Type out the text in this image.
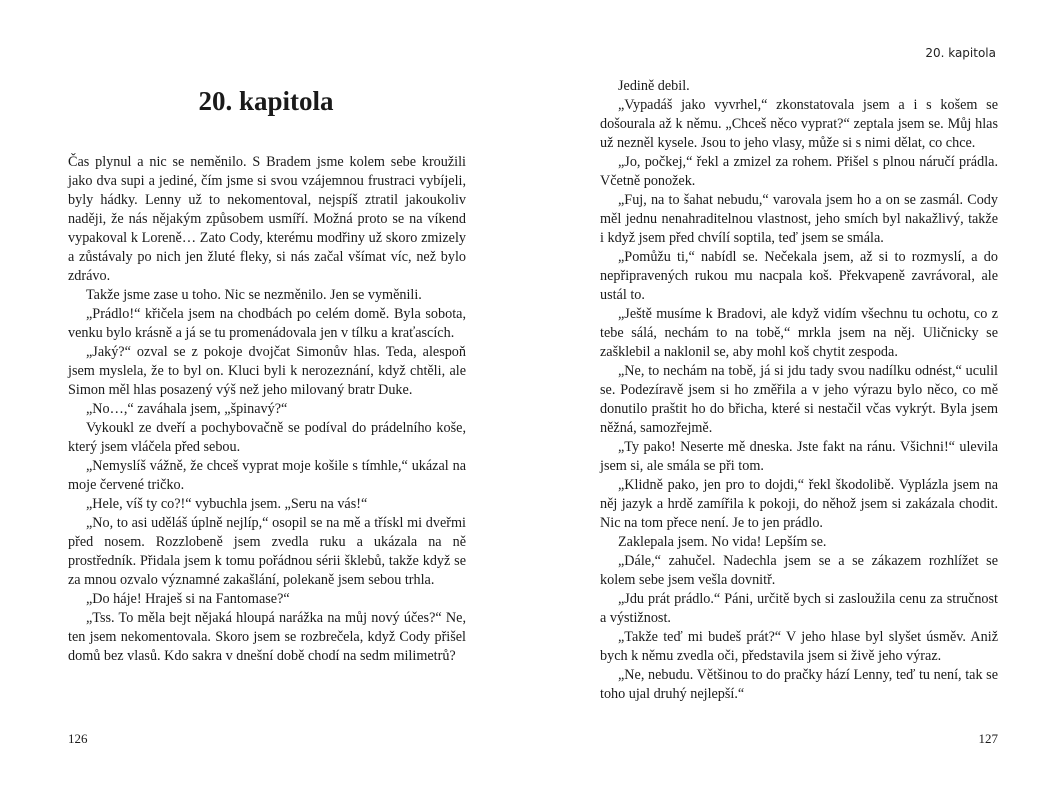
20. kapitola

Čas plynul a nic se neměnilo. S Bradem jsme kolem sebe kroužili jako dva supi a jediné, čím jsme si svou vzájemnou frustraci vybíjeli, byly hádky. Lenny už to nekomentoval, nejspíš ztratil jakoukoliv naději, že nás nějakým způsobem usmíří. Možná proto se na víkend vypakoval k Loreně… Zato Cody, kterému modřiny už skoro zmizely a zůstávaly po nich jen žluté fleky, si nás začal všímat víc, než bylo zdrávo.

Takže jsme zase u toho. Nic se nezměnilo. Jen se vyměnili.

„Prádlo!“ křičela jsem na chodbách po celém domě. Byla sobota, venku bylo krásně a já se tu promenádovala jen v tílku a kraťascích.

„Jaký?“ ozval se z pokoje dvojčat Simonův hlas. Teda, alespoň jsem myslela, že to byl on. Kluci byli k nerozeznání, když chtěli, ale Simon měl hlas posazený výš než jeho milovaný bratr Duke.

„No…,“ zaváhala jsem, „špinavý?“

Vykoukl ze dveří a pochybovačně se podíval do prádelního koše, který jsem vláčela před sebou.

„Nemyslíš vážně, že chceš vyprat moje košile s tímhle,“ ukázal na moje červené tričko.

„Hele, víš ty co?!“ vybuchla jsem. „Seru na vás!“

„No, to asi uděláš úplně nejlíp,“ osopil se na mě a třískl mi dveřmi před nosem. Rozzlobeně jsem zvedla ruku a ukázala na ně prostředník. Přidala jsem k tomu pořádnou sérii šklebů, takže když se za mnou ozvalo významné zakašlání, polekaně jsem sebou trhla.

„Do háje! Hraješ si na Fantomase?“

„Tss. To měla bejt nějaká hloupá narážka na můj nový účes?“ Ne, ten jsem nekomentovala. Skoro jsem se rozbrečela, když Cody přišel domů bez vlasů. Kdo sakra v dnešní době chodí na sedm milimetrů?

126
20. kapitola

Jedině debil.

„Vypadáš jako vyvrhel,“ zkonstatovala jsem a i s košem se došourala až k němu. „Chceš něco vyprat?“ zeptala jsem se. Můj hlas už nezněl kysele. Jsou to jeho vlasy, může si s nimi dělat, co chce.

„Jo, počkej,“ řekl a zmizel za rohem. Přišel s plnou náručí prádla. Včetně ponožek.

„Fuj, na to šahat nebudu,“ varovala jsem ho a on se zasmál. Cody měl jednu nenahraditelnou vlastnost, jeho smích byl nakažlivý, takže i když jsem před chvílí soptila, teď jsem se smála.

„Pomůžu ti,“ nabídl se. Nečekala jsem, až si to rozmyslí, a do nepřipravených rukou mu nacpala koš. Překvapeně zavrávoral, ale ustál to.

„Ještě musíme k Bradovi, ale když vidím všechnu tu ochotu, co z tebe sálá, nechám to na tobě,“ mrkla jsem na něj. Uličnicky se zašklebil a naklonil se, aby mohl koš chytit zespoda.

„Ne, to nechám na tobě, já si jdu tady svou nadílku odnést,“ uculil se. Podezíravě jsem si ho změřila a v jeho výrazu bylo něco, co mě donutilo praštit ho do břicha, které si nestačil včas vykrýt. Byla jsem něžná, samozřejmě.

„Ty pako! Neserte mě dneska. Jste fakt na ránu. Všichni!“ ulevila jsem si, ale smála se při tom.

„Klidně pako, jen pro to dojdi,“ řekl škodolibě. Vyplázla jsem na něj jazyk a hrdě zamířila k pokoji, do něhož jsem si zakázala chodit. Nic na tom přece není. Je to jen prádlo.

Zaklepala jsem. No vida! Lepším se.

„Dále,“ zahučel. Nadechla jsem se a se zákazem rozhlížet se kolem sebe jsem vešla dovnitř.

„Jdu prát prádlo.“ Páni, určitě bych si zasloužila cenu za stručnost a výstižnost.

„Takže teď mi budeš prát?“ V jeho hlase byl slyšet úsměv. Aniž bych k němu zvedla oči, představila jsem si živě jeho výraz.

„Ne, nebudu. Většinou to do pračky hází Lenny, teď tu není, tak se toho ujal druhý nejlepší.“

127
